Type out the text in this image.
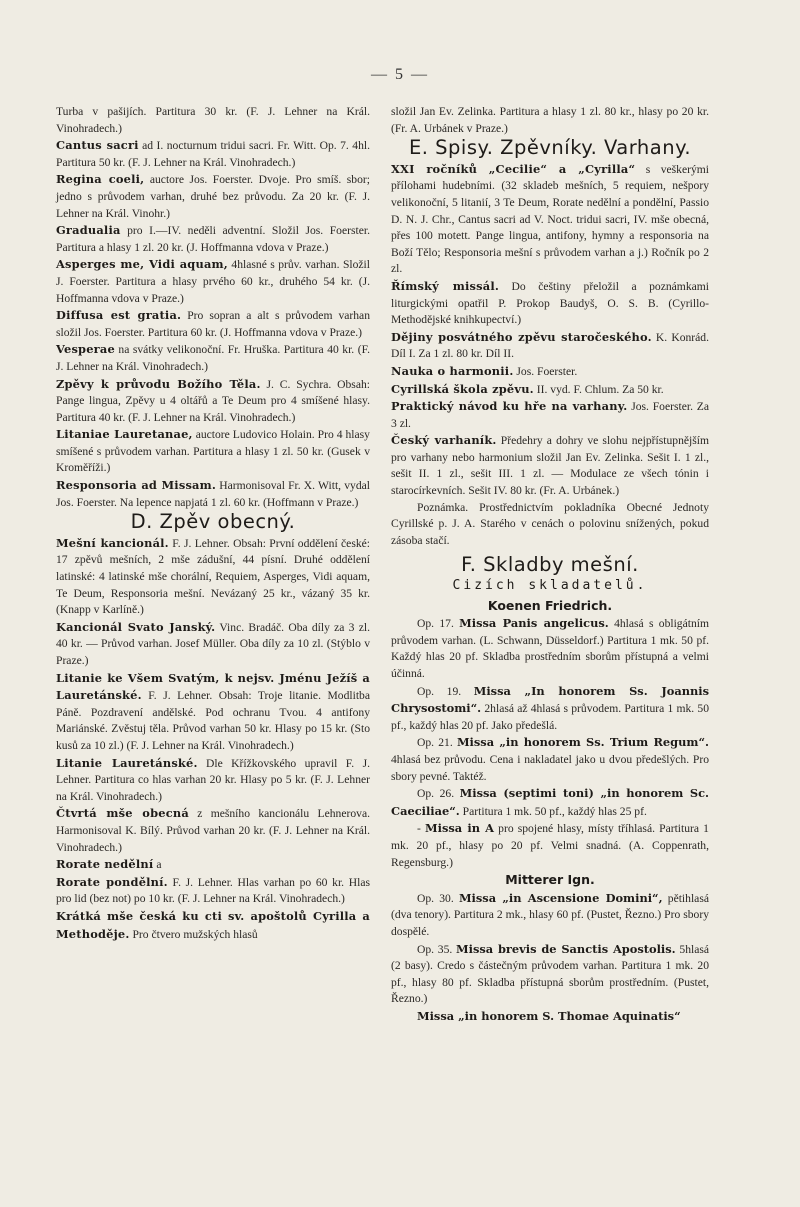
— 5 —

Turba v pašijích. Partitura 30 kr. (F. J. Lehner na Král. Vinohradech.)

Cantus sacri ad I. nocturnum tridui sacri. Fr. Witt. Op. 7. 4hl. Partitura 50 kr. (F. J. Lehner na Král. Vinohradech.)

Regina coeli, auctore Jos. Foerster. Dvoje. Pro smíš. sbor; jedno s průvodem varhan, druhé bez průvodu. Za 20 kr. (F. J. Lehner na Král. Vinohr.)

Gradualia pro I.—IV. neděli adventní. Složil Jos. Foerster. Partitura a hlasy 1 zl. 20 kr. (J. Hoffmanna vdova v Praze.)

Asperges me, Vidi aquam, 4hlasné s prův. varhan. Složil J. Foerster. Partitura a hlasy prvého 60 kr., druhého 54 kr. (J. Hoffmanna vdova v Praze.)

Diffusa est gratia. Pro sopran a alt s průvodem varhan složil Jos. Foerster. Partitura 60 kr. (J. Hoffmanna vdova v Praze.)

Vesperae na svátky velikonoční. Fr. Hruška. Partitura 40 kr. (F. J. Lehner na Král. Vinohradech.)

Zpěvy k průvodu Božího Těla. J. C. Sychra. Obsah: Pange lingua, Zpěvy u 4 oltářů a Te Deum pro 4 smíšené hlasy. Partitura 40 kr. (F. J. Lehner na Král. Vinohradech.)

Litaniae Lauretanae, auctore Ludovico Holain. Pro 4 hlasy smíšené s průvodem varhan. Partitura a hlasy 1 zl. 50 kr. (Gusek v Kroměříži.)

Responsoria ad Missam. Harmonisoval Fr. X. Witt, vydal Jos. Foerster. Na lepence napjatá 1 zl. 60 kr. (Hoffmann v Praze.)

D. Zpěv obecný.

Mešní kancionál. F. J. Lehner. Obsah: První oddělení české: 17 zpěvů mešních, 2 mše zádušní, 44 písní. Druhé oddělení latinské: 4 latinské mše chorální, Requiem, Asperges, Vidi aquam, Te Deum, Responsoria mešní. Nevázaný 25 kr., vázaný 35 kr. (Knapp v Karlíně.)

Kancionál Svato Janský. Vinc. Bradáč. Oba díly za 3 zl. 40 kr. — Průvod varhan. Josef Müller. Oba díly za 10 zl. (Stýblo v Praze.)

Litanie ke Všem Svatým, k nejsv. Jménu Ježíš a Lauretánské. F. J. Lehner. Obsah: Troje litanie. Modlitba Páně. Pozdravení andělské. Pod ochranu Tvou. 4 antifony Mariánské. Zvěstuj těla. Průvod varhan 50 kr. Hlasy po 15 kr. (Sto kusů za 10 zl.) (F. J. Lehner na Král. Vinohradech.)

Litanie Lauretánské. Dle Křížkovského upravil F. J. Lehner. Partitura co hlas varhan 20 kr. Hlasy po 5 kr. (F. J. Lehner na Král. Vinohradech.)

Čtvrtá mše obecná z mešního kancionálu Lehnerova. Harmonisoval K. Bílý. Průvod varhan 20 kr. (F. J. Lehner na Král. Vinohradech.)

Rorate nedělní a

Rorate pondělní. F. J. Lehner. Hlas varhan po 60 kr. Hlas pro lid (bez not) po 10 kr. (F. J. Lehner na Král. Vinohradech.)

Krátká mše česká ku cti sv. apoštolů Cyrilla a Methoděje. Pro čtvero mužských hlasů

složil Jan Ev. Zelinka. Partitura a hlasy 1 zl. 80 kr., hlasy po 20 kr. (Fr. A. Urbánek v Praze.)

E. Spisy. Zpěvníky. Varhany.

XXI ročníků „Cecilie“ a „Cyrilla“ s veškerými přílohami hudebními. (32 skladeb mešních, 5 requiem, nešpory velikonoční, 5 litanií, 3 Te Deum, Rorate nedělní a pondělní, Passio D. N. J. Chr., Cantus sacri ad V. Noct. tridui sacri, IV. mše obecná, přes 100 motett. Pange lingua, antifony, hymny a responsoria na Boží Tělo; Responsoria mešní s průvodem varhan a j.) Ročník po 2 zl.

Římský missál. Do češtiny přeložil a poznámkami liturgickými opatřil P. Prokop Baudyš, O. S. B. (Cyrillo-Methodějské knihkupectví.)

Dějiny posvátného zpěvu staročeského. K. Konrád. Díl I. Za 1 zl. 80 kr. Díl II.

Nauka o harmonii. Jos. Foerster.

Cyrillská škola zpěvu. II. vyd. F. Chlum. Za 50 kr.

Praktický návod ku hře na varhany. Jos. Foerster. Za 3 zl.

Český varhaník. Předehry a dohry ve slohu nejpřístupnějším pro varhany nebo harmonium složil Jan Ev. Zelinka. Sešit I. 1 zl., sešit II. 1 zl., sešit III. 1 zl. — Modulace ze všech tónin i starocírkevních. Sešit IV. 80 kr. (Fr. A. Urbánek.)

Poznámka. Prostřednictvím pokladníka Obecné Jednoty Cyrillské p. J. A. Starého v cenách o polovinu snížených, pokud zásoba stačí.

F. Skladby mešní.
Cizích skladatelů.
Koenen Friedrich.

Op. 17. Missa Panis angelicus. 4hlasá s obligátním průvodem varhan. (L. Schwann, Düsseldorf.) Partitura 1 mk. 50 pf. Každý hlas 20 pf. Skladba prostředním sborům přístupná a velmi účinná.

Op. 19. Missa „In honorem Ss. Joannis Chrysostomi“. 2hlasá až 4hlasá s průvodem. Partitura 1 mk. 50 pf., každý hlas 20 pf. Jako předešlá.

Op. 21. Missa „in honorem Ss. Trium Regum“. 4hlasá bez průvodu. Cena i nakladatel jako u dvou předešlých. Pro sbory pevné. Taktéž.

Op. 26. Missa (septimi toni) „in honorem Sc. Caeciliae“. Partitura 1 mk. 50 pf., každý hlas 25 pf.

- Missa in A pro spojené hlasy, místy tříhlasá. Partitura 1 mk. 20 pf., hlasy po 20 pf. Velmi snadná. (A. Coppenrath, Regensburg.)

Mitterer Ign.

Op. 30. Missa „in Ascensione Domini“, pětihlasá (dva tenory). Partitura 2 mk., hlasy 60 pf. (Pustet, Řezno.) Pro sbory dospělé.

Op. 35. Missa brevis de Sanctis Apostolis. 5hlasá (2 basy). Credo s částečným průvodem varhan. Partitura 1 mk. 20 pf., hlasy 80 pf. Skladba přístupná sborům prostředním. (Pustet, Řezno.)

Missa „in honorem S. Thomae Aquinatis“
